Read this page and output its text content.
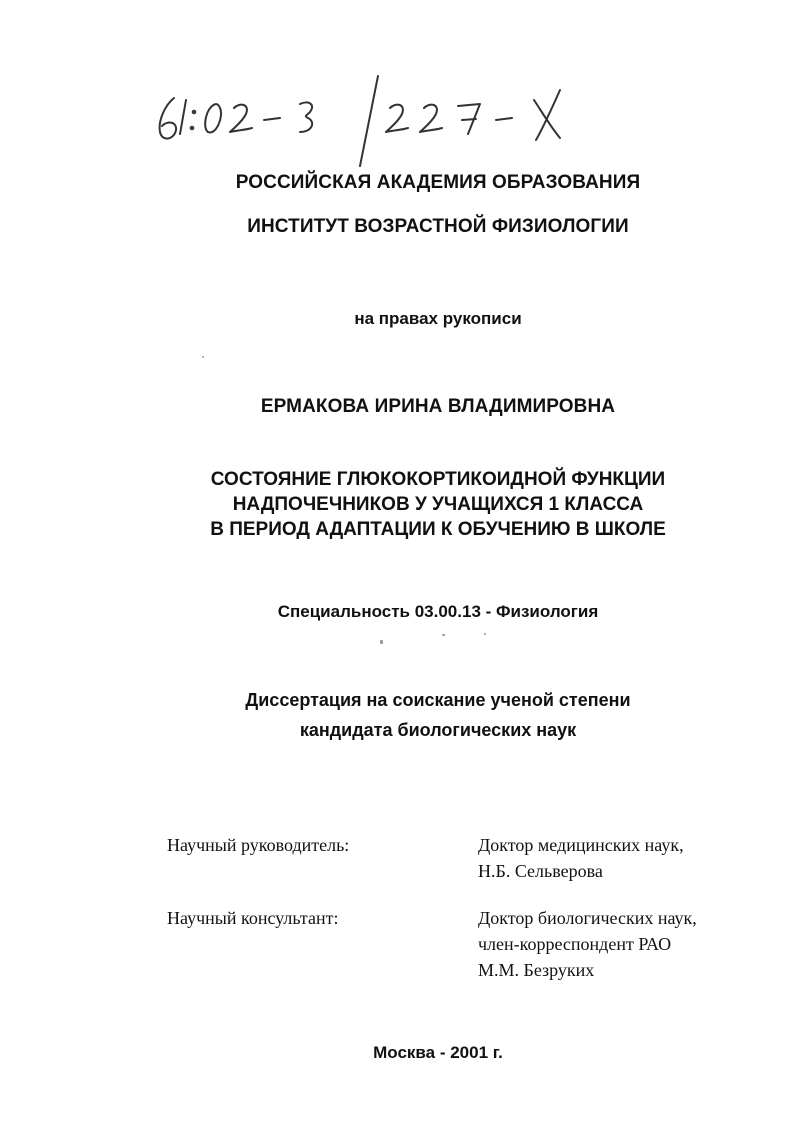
РОССИЙСКАЯ АКАДЕМИЯ ОБРАЗОВАНИЯ
ИНСТИТУТ ВОЗРАСТНОЙ ФИЗИОЛОГИИ
на правах рукописи
ЕРМАКОВА ИРИНА ВЛАДИМИРОВНА
СОСТОЯНИЕ ГЛЮКОКОРТИКОИДНОЙ ФУНКЦИИ
НАДПОЧЕЧНИКОВ У УЧАЩИХСЯ 1 КЛАССА
В ПЕРИОД АДАПТАЦИИ К ОБУЧЕНИЮ В ШКОЛЕ
Специальность 03.00.13 - Физиология
Диссертация на соискание ученой степени
кандидата биологических наук
Научный руководитель:	Доктор медицинских наук,
Н.Б. Сельверова
Научный консультант:	Доктор биологических наук,
член-корреспондент РАО
М.М. Безруких
Москва - 2001 г.
